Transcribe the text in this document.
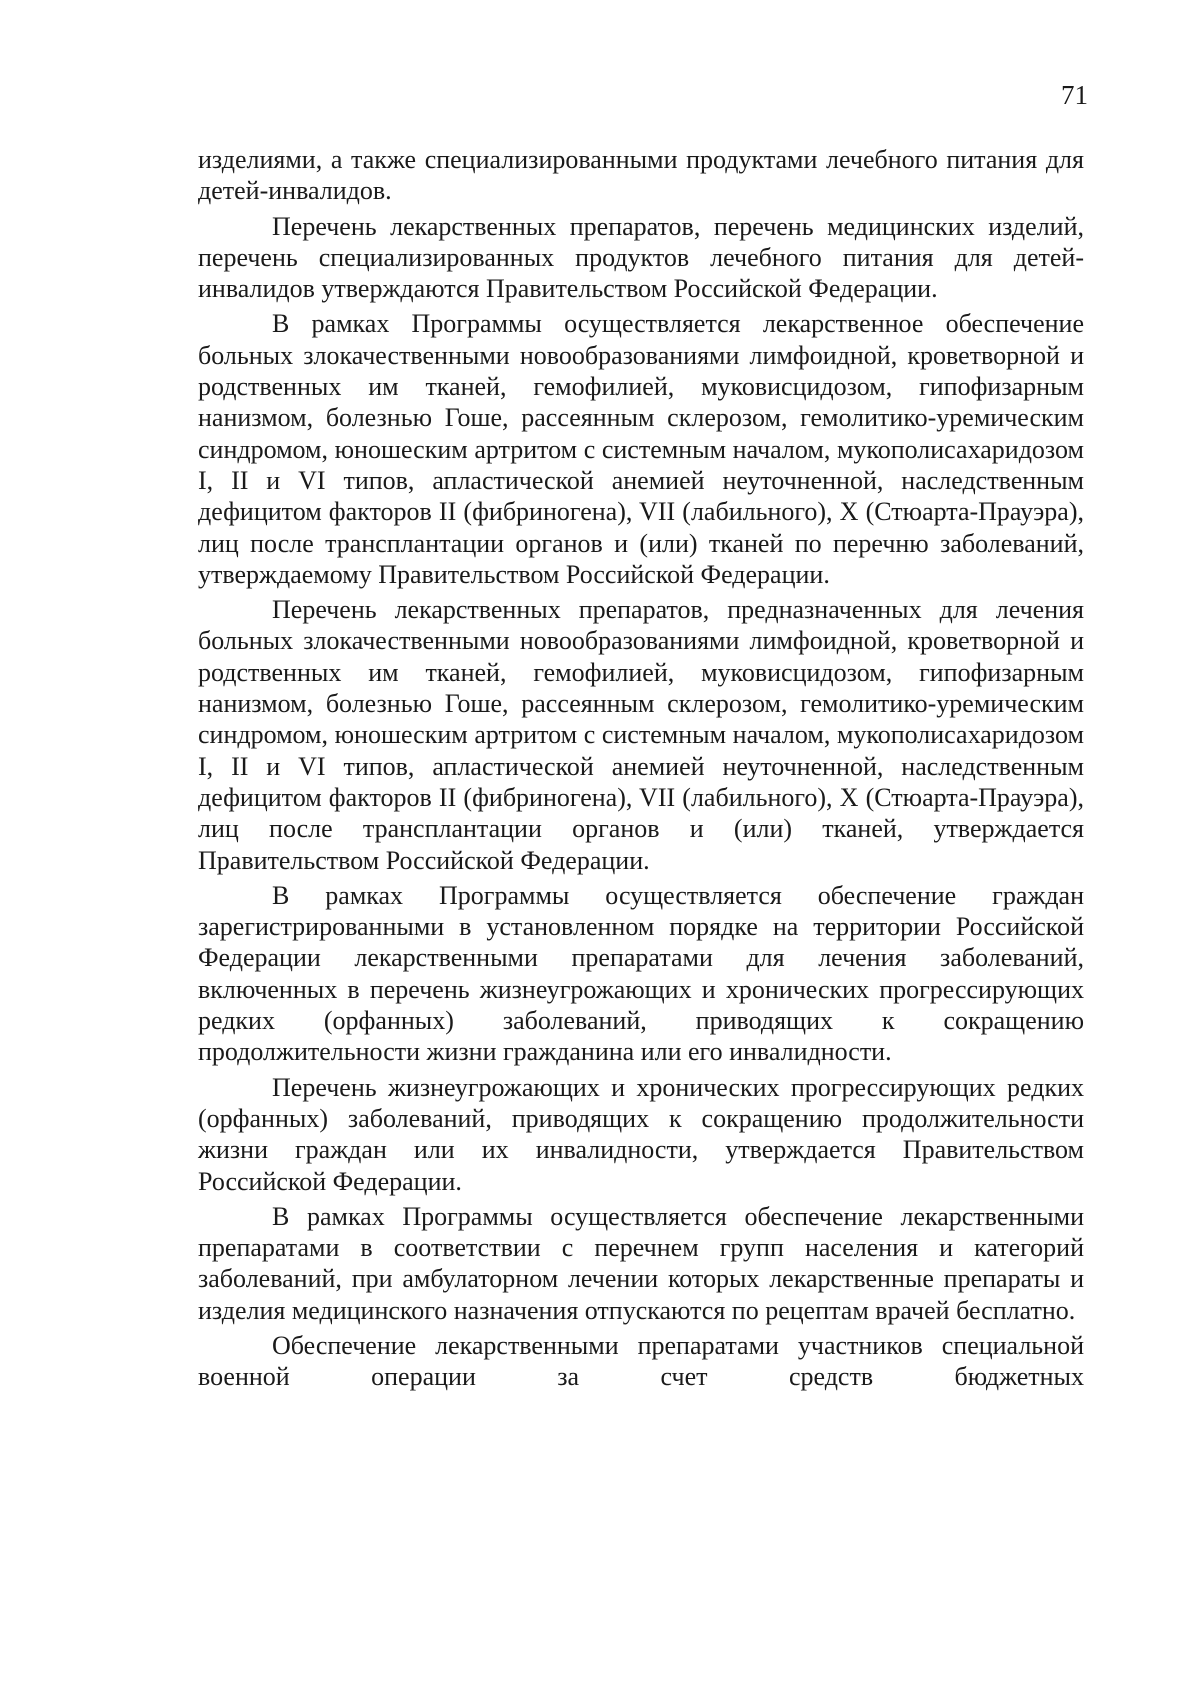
71

изделиями, а также специализированными продуктами лечебного питания для детей-инвалидов.

Перечень лекарственных препаратов, перечень медицинских изделий, перечень специализированных продуктов лечебного питания для детей-инвалидов утверждаются Правительством Российской Федерации.

В рамках Программы осуществляется лекарственное обеспечение больных злокачественными новообразованиями лимфоидной, кроветворной и родственных им тканей, гемофилией, муковисцидозом, гипофизарным нанизмом, болезнью Гоше, рассеянным склерозом, гемолитико-уремическим синдромом, юношеским артритом с системным началом, мукополисахаридозом I, II и VI типов, апластической анемией неуточненной, наследственным дефицитом факторов II (фибриногена), VII (лабильного), X (Стюарта-Прауэра), лиц после трансплантации органов и (или) тканей по перечню заболеваний, утверждаемому Правительством Российской Федерации.

Перечень лекарственных препаратов, предназначенных для лечения больных злокачественными новообразованиями лимфоидной, кроветворной и родственных им тканей, гемофилией, муковисцидозом, гипофизарным нанизмом, болезнью Гоше, рассеянным склерозом, гемолитико-уремическим синдромом, юношеским артритом с системным началом, мукополисахаридозом I, II и VI типов, апластической анемией неуточненной, наследственным дефицитом факторов II (фибриногена), VII (лабильного), X (Стюарта-Прауэра), лиц после трансплантации органов и (или) тканей, утверждается Правительством Российской Федерации.

В рамках Программы осуществляется обеспечение граждан зарегистрированными в установленном порядке на территории Российской Федерации лекарственными препаратами для лечения заболеваний, включенных в перечень жизнеугрожающих и хронических прогрессирующих редких (орфанных) заболеваний, приводящих к сокращению продолжительности жизни гражданина или его инвалидности.

Перечень жизнеугрожающих и хронических прогрессирующих редких (орфанных) заболеваний, приводящих к сокращению продолжительности жизни граждан или их инвалидности, утверждается Правительством Российской Федерации.

В рамках Программы осуществляется обеспечение лекарственными препаратами в соответствии с перечнем групп населения и категорий заболеваний, при амбулаторном лечении которых лекарственные препараты и изделия медицинского назначения отпускаются по рецептам врачей бесплатно.

Обеспечение лекарственными препаратами участников специальной военной операции за счет средств бюджетных
